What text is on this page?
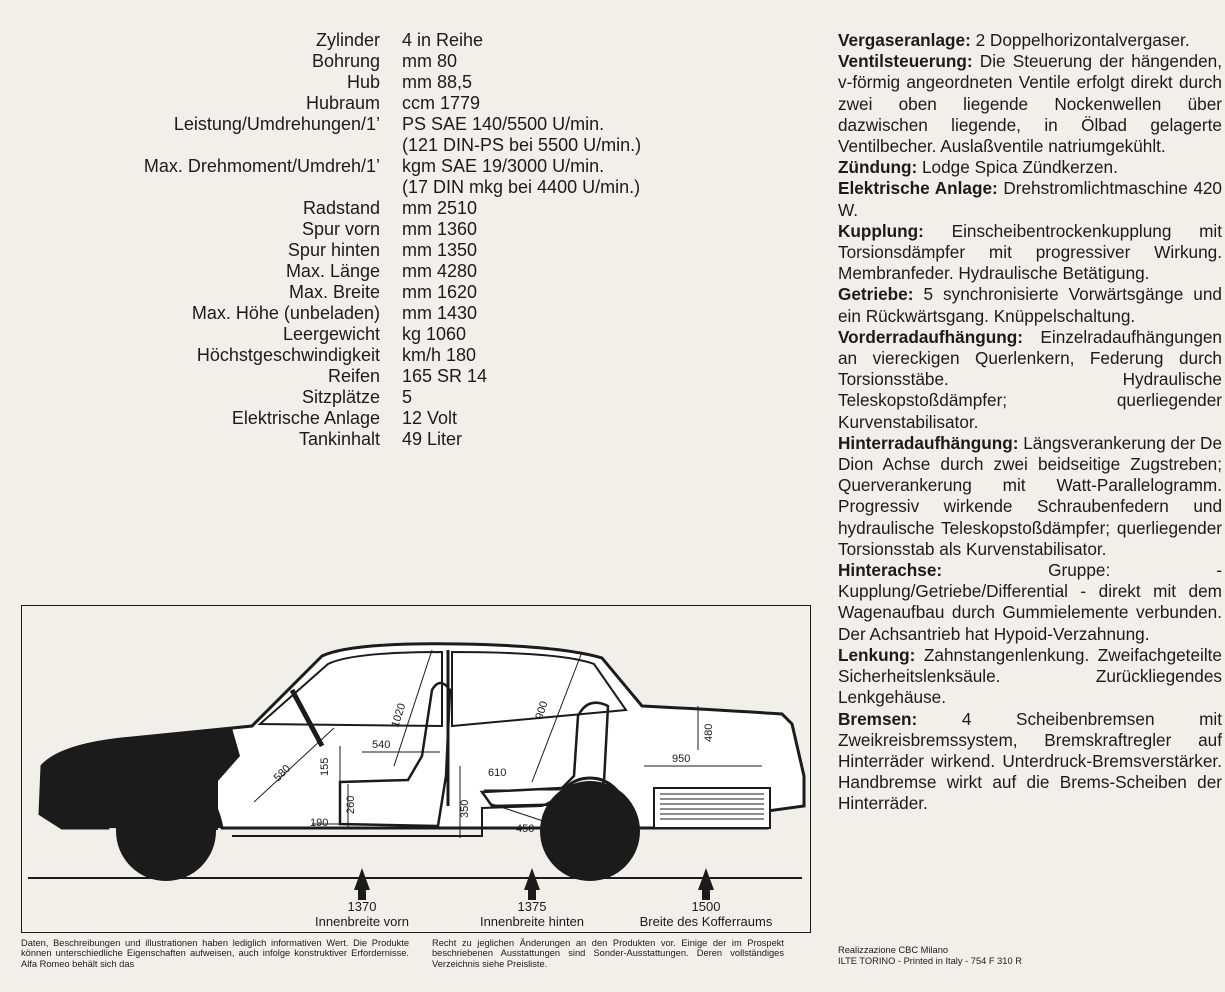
Zylinder	4 in Reihe
Bohrung	mm 80
Hub	mm 88,5
Hubraum	ccm 1779
Leistung/Umdrehungen/1’	PS SAE 140/5500 U/min.
(121 DIN-PS bei 5500 U/min.)
Max. Drehmoment/Umdreh/1’	kgm SAE 19/3000 U/min.
(17 DIN mkg bei 4400 U/min.)
Radstand	mm 2510
Spur vorn	mm 1360
Spur hinten	mm 1350
Max. Länge	mm 4280
Max. Breite	mm 1620
Max. Höhe (unbeladen)	mm 1430
Leergewicht	kg 1060
Höchstgeschwindigkeit	km/h 180
Reifen	165 SR 14
Sitzplätze	5
Elektrische Anlage	12 Volt
Tankinhalt	49 Liter

Vergaseranlage: 2 Doppelhorizontalvergaser.

Ventilsteuerung: Die Steuerung der hängenden, v-förmig angeordneten Ventile erfolgt direkt durch zwei oben liegende Nockenwellen über dazwischen liegende, in Ölbad gelagerte Ventilbecher. Auslaßventile natriumgekühlt.

Zündung: Lodge Spica Zündkerzen.

Elektrische Anlage: Drehstromlichtmaschine 420 W.

Kupplung: Einscheibentrockenkupplung mit Torsionsdämpfer mit progressiver Wirkung. Membranfeder. Hydraulische Betätigung.

Getriebe: 5 synchronisierte Vorwärtsgänge und ein Rückwärtsgang. Knüppelschaltung.

Vorderradaufhängung: Einzelradaufhängungen an viereckigen Querlenkern, Federung durch Torsionsstäbe. Hydraulische Teleskopstoßdämpfer; querliegender Kurvenstabilisator.

Hinterradaufhängung: Längsverankerung der De Dion Achse durch zwei beidseitige Zugstreben; Querverankerung mit Watt-Parallelogramm. Progressiv wirkende Schraubenfedern und hydraulische Teleskopstoßdämpfer; querliegender Torsionsstab als Kurvenstabilisator.

Hinterachse: Gruppe: - Kupplung/Getriebe/Differential - direkt mit dem Wagenaufbau durch Gummielemente verbunden. Der Achsantrieb hat Hypoid-Verzahnung.

Lenkung: Zahnstangenlenkung. Zweifachgeteilte Sicherheitslenksäule. Zurückliegendes Lenkgehäuse.

Bremsen: 4 Scheibenbremsen mit Zweikreisbremssystem, Bremskraftregler auf Hinterräder wirkend. Unterdruck-Bremsverstärker. Handbremse wirkt auf die Brems-Scheiben der Hinterräder.

1020	900
540
580 155
260
190
350
610
450
480
950
1370
Innenbreite vorn
1375
Innenbreite hinten
1500
Breite des Kofferraums
Daten, Beschreibungen und illustrationen haben lediglich informativen Wert. Die Produkte können unterschiedliche Eigenschaften aufweisen, auch infolge konstruktiver Erfordernisse. Alfa Romeo behält sich das
Recht zu jeglichen Änderungen an den Produkten vor. Einige der im Prospekt beschriebenen Ausstattungen sind Sonder-Ausstattungen. Deren vollständiges Verzeichnis siehe Preisliste.
Realizzazione CBC Milano
ILTE TORINO - Printed in Italy - 754 F 310 R
